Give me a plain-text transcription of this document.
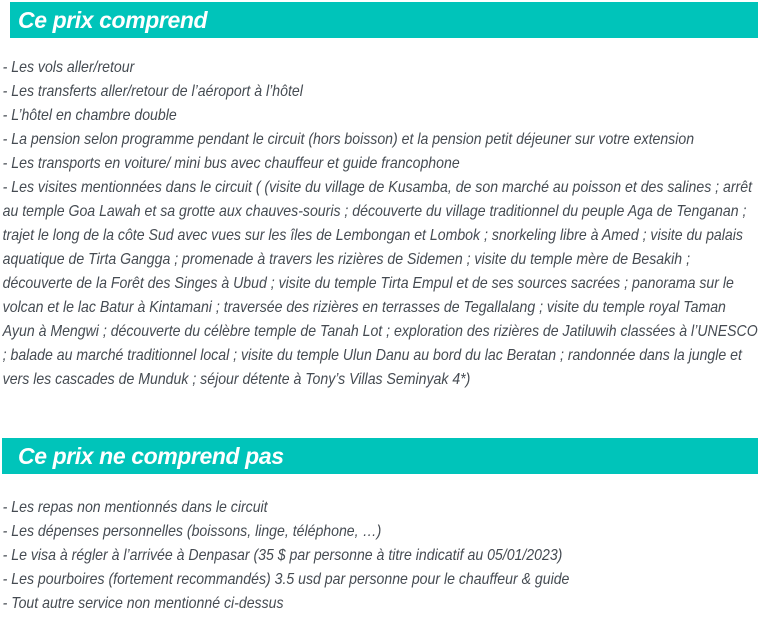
Ce prix comprend
- Les vols aller/retour
- Les transferts aller/retour de l’aéroport à l’hôtel
- L’hôtel en chambre double
- La pension selon programme pendant le circuit (hors boisson) et la pension petit déjeuner sur votre extension
- Les transports en voiture/ mini bus avec chauffeur et guide francophone

- Les visites mentionnées dans le circuit ( (visite du village de Kusamba, de son marché au poisson et des salines ; arrêt au temple Goa Lawah et sa grotte aux chauves-souris ; découverte du village traditionnel du peuple Aga de Tenganan ; trajet le long de la côte Sud avec vues sur les îles de Lembongan et Lombok ; snorkeling libre à Amed ; visite du palais aquatique de Tirta Gangga ; promenade à travers les rizières de Sidemen ; visite du temple mère de Besakih ; découverte de la Forêt des Singes à Ubud ; visite du temple Tirta Empul et de ses sources sacrées ; panorama sur le volcan et le lac Batur à Kintamani ; traversée des rizières en terrasses de Tegallalang ; visite du temple royal Taman Ayun à Mengwi ; découverte du célèbre temple de Tanah Lot ; exploration des rizières de Jatiluwih classées à l’UNESCO ; balade au marché traditionnel local ; visite du temple Ulun Danu au bord du lac Beratan ; randonnée dans la jungle et vers les cascades de Munduk ; séjour détente à Tony’s Villas Seminyak 4*)

Ce prix ne comprend pas
- Les repas non mentionnés dans le circuit
- Les dépenses personnelles (boissons, linge, téléphone, …)
- Le visa à régler à l’arrivée à Denpasar (35 $ par personne à titre indicatif au 05/01/2023)
- Les pourboires (fortement recommandés) 3.5 usd par personne pour le chauffeur & guide
- Tout autre service non mentionné ci-dessus
